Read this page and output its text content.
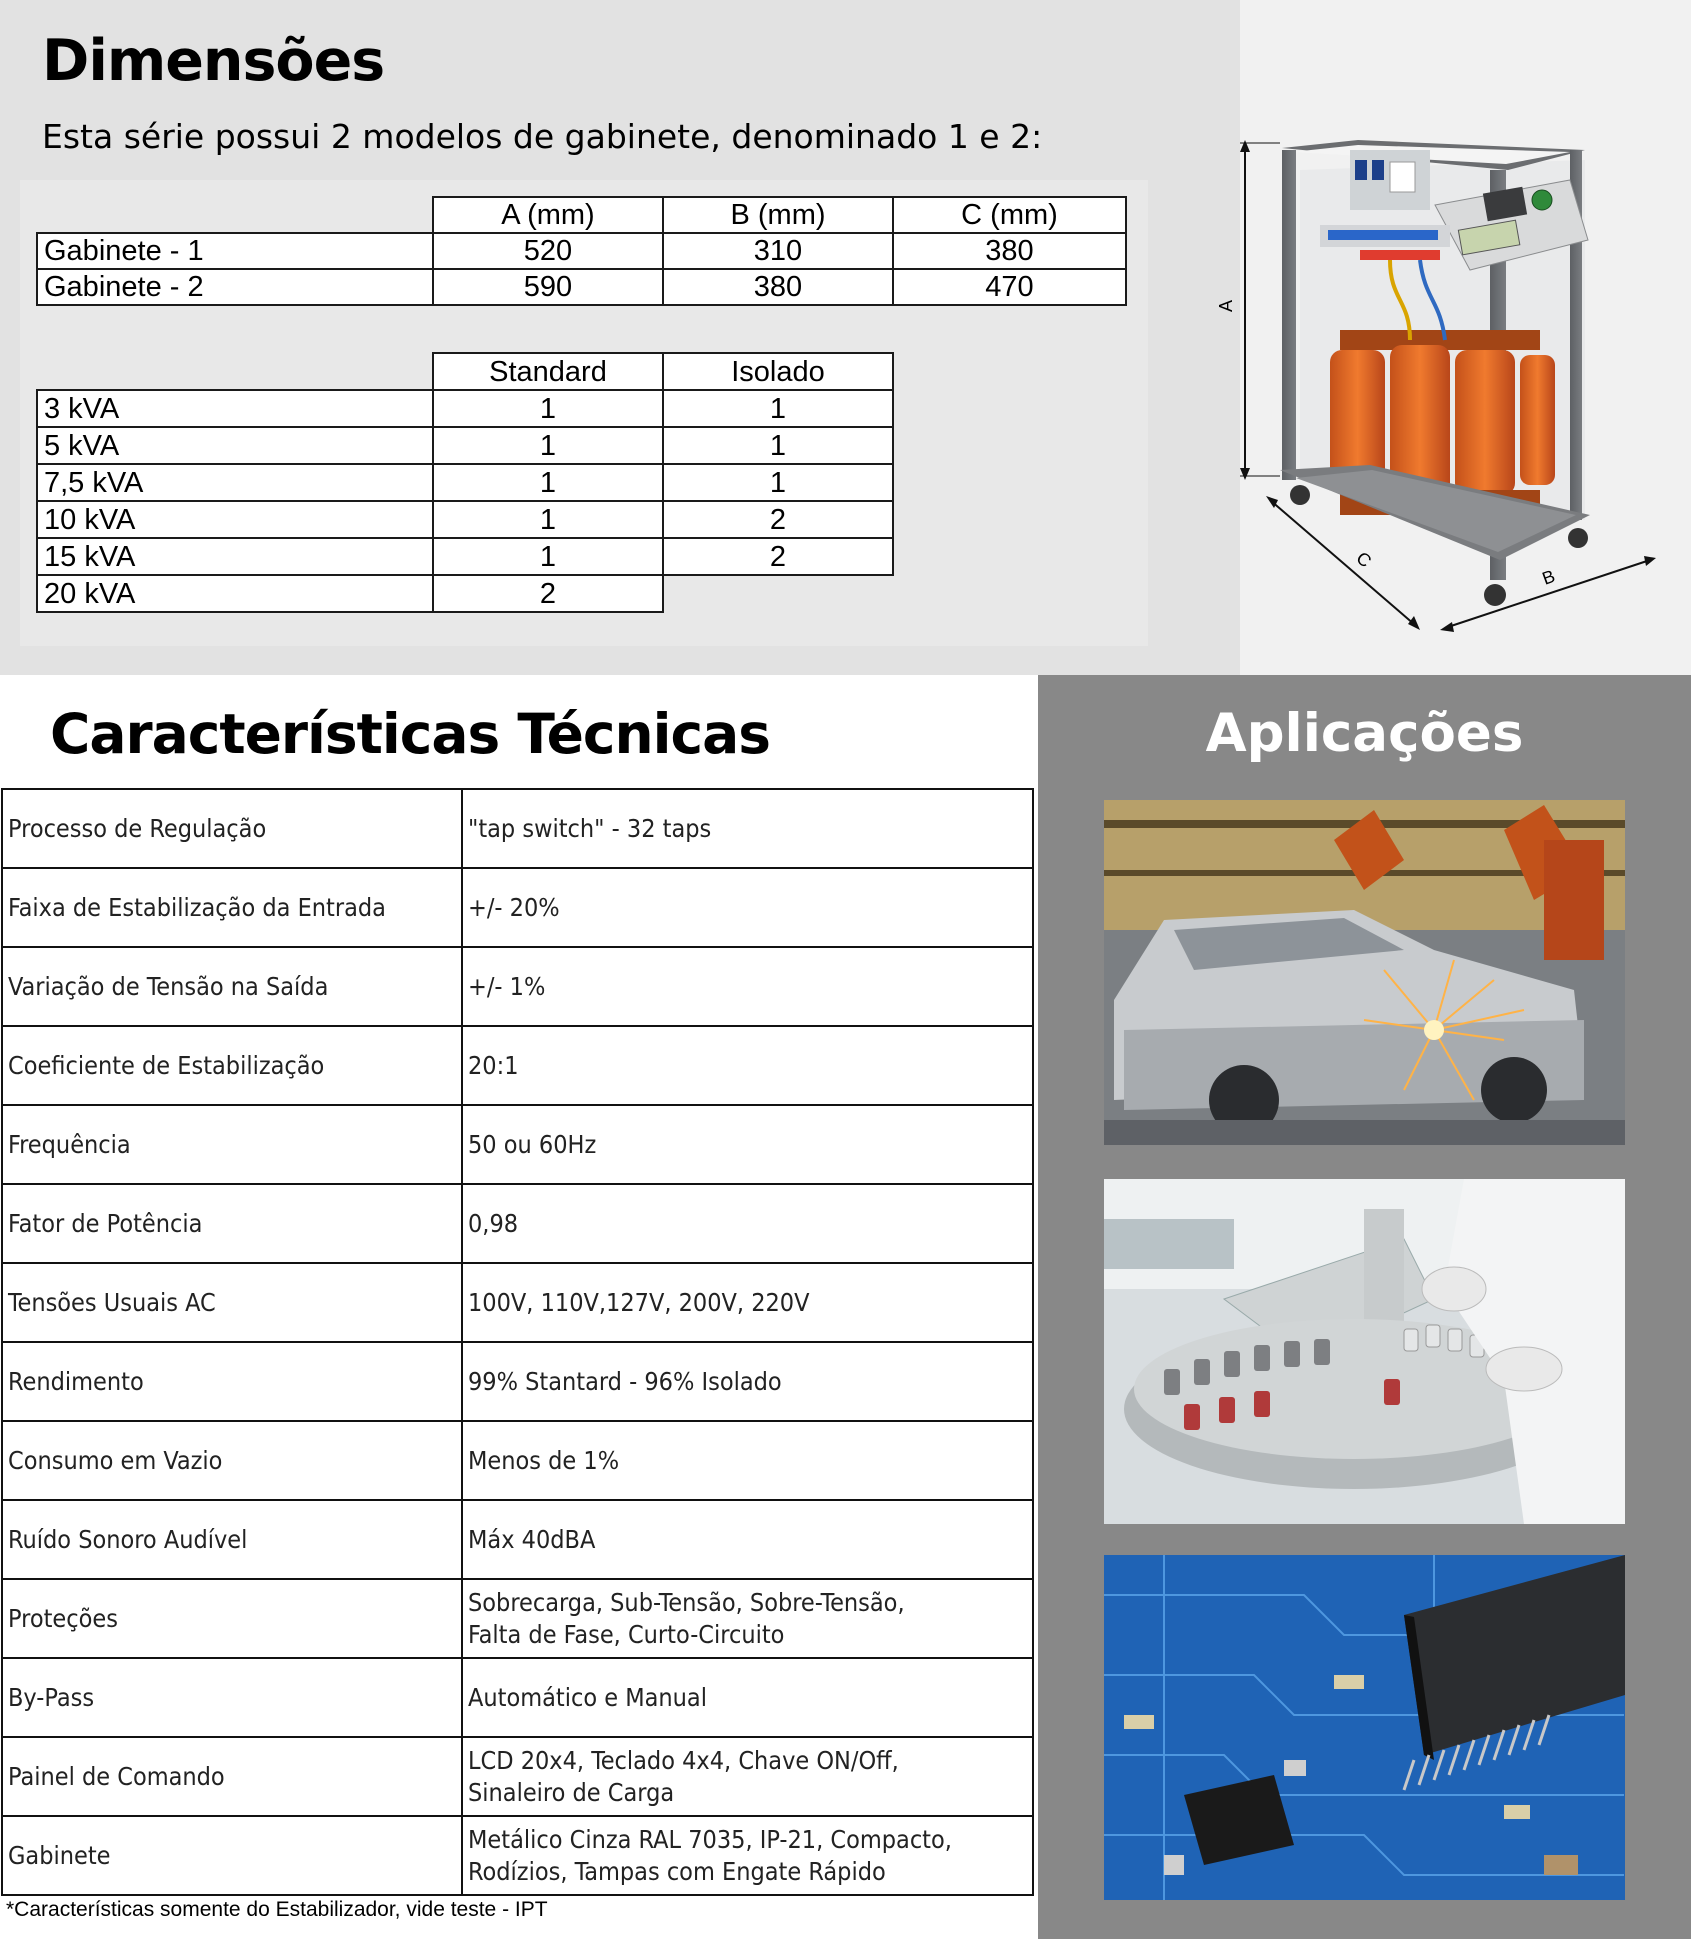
Dimensões

Esta série possui 2 modelos de gabinete, denominado 1 e 2:

	A (mm)	B (mm)	C (mm)
Gabinete - 1	520	310	380
Gabinete - 2	590	380	470
	Standard	Isolado
3 kVA	1	1
5 kVA	1	1
7,5 kVA	1	1
10 kVA	1	2
15 kVA	1	2
20 kVA	2	
A
C
B
Características Técnicas
Processo de Regulação	"tap switch" - 32 taps
Faixa de Estabilização da Entrada	+/- 20%
Variação de Tensão na Saída	+/- 1%
Coeficiente de Estabilização	20:1
Frequência	50 ou 60Hz
Fator de Potência	0,98
Tensões Usuais AC	100V, 110V,127V, 200V, 220V
Rendimento	99% Stantard - 96% Isolado
Consumo em Vazio	Menos de 1%
Ruído Sonoro Audível	Máx 40dBA
Proteções	Sobrecarga, Sub-Tensão, Sobre-Tensão,
Falta de Fase, Curto-Circuito

By-Pass	Automático e Manual
Painel de Comando	LCD 20x4, Teclado 4x4, Chave ON/Off,
Sinaleiro de Carga

Gabinete	Metálico Cinza RAL 7035, IP-21, Compacto,
Rodízios, Tampas com Engate Rápido

*Características somente do Estabilizador, vide teste - IPT

Aplicações
